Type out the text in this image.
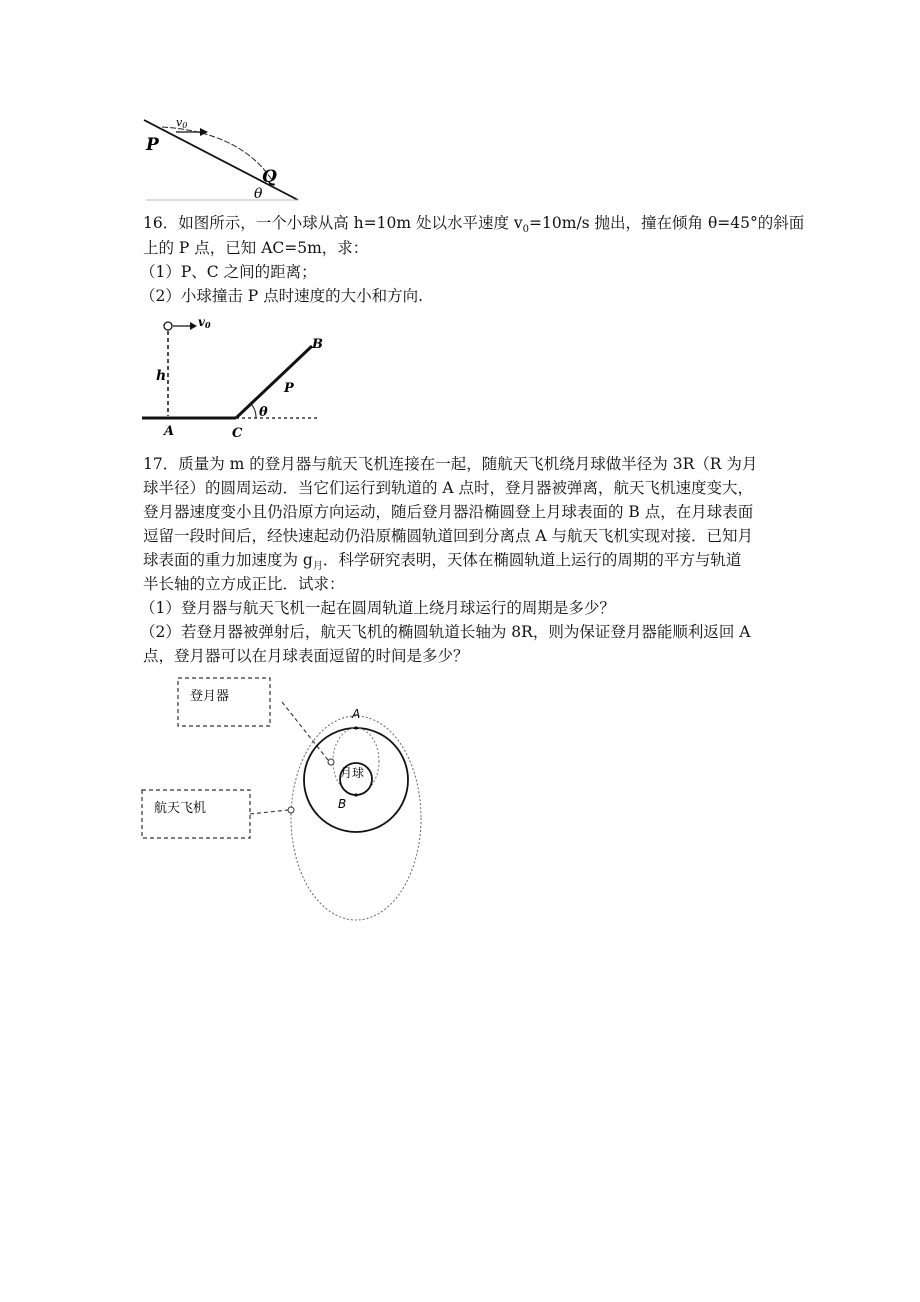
v0
P
Q
θ
16．如图所示，一个小球从高 h=10m 处以水平速度 $v_0=10m/s$ 抛出，撞在倾角 θ=45°的斜面
上的 P 点，已知 AC=5m，求：
（1）P、C 之间的距离；
（2）小球撞击 P 点时速度的大小和方向.
v0
h
A	C
B
P
θ
17．质量为 m 的登月器与航天飞机连接在一起，随航天飞机绕月球做半径为 3R（R 为月
球半径）的圆周运动．当它们运行到轨道的 A 点时，登月器被弹离，航天飞机速度变大，
登月器速度变小且仍沿原方向运动，随后登月器沿椭圆登上月球表面的 B 点，在月球表面
逗留一段时间后，经快速起动仍沿原椭圆轨道回到分离点 A 与航天飞机实现对接．已知月
球表面的重力加速度为 $g_月$．科学研究表明，天体在椭圆轨道上运行的周期的平方与轨道
半长轴的立方成正比．试求：
（1）登月器与航天飞机一起在圆周轨道上绕月球运行的周期是多少？
（2）若登月器被弹射后，航天飞机的椭圆轨道长轴为 8R，则为保证登月器能顺利返回 A
点，登月器可以在月球表面逗留的时间是多少？
登月器
航天飞机
月球
A
B
